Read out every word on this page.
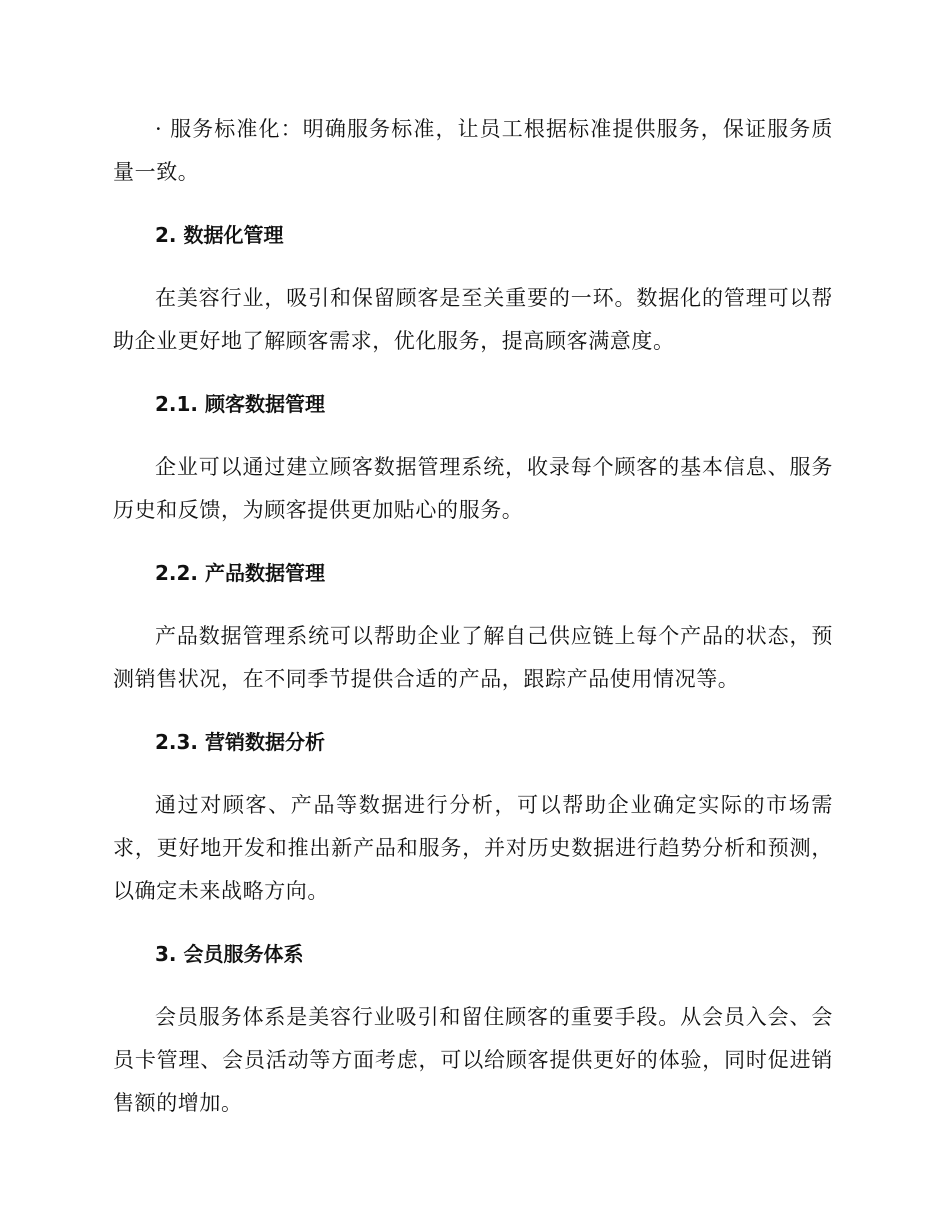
· 服务标准化：明确服务标准，让员工根据标准提供服务，保证服务质量一致。

2. 数据化管理

在美容行业，吸引和保留顾客是至关重要的一环。数据化的管理可以帮助企业更好地了解顾客需求，优化服务，提高顾客满意度。

2.1. 顾客数据管理

企业可以通过建立顾客数据管理系统，收录每个顾客的基本信息、服务历史和反馈，为顾客提供更加贴心的服务。

2.2. 产品数据管理

产品数据管理系统可以帮助企业了解自己供应链上每个产品的状态，预测销售状况，在不同季节提供合适的产品，跟踪产品使用情况等。

2.3. 营销数据分析

通过对顾客、产品等数据进行分析，可以帮助企业确定实际的市场需求，更好地开发和推出新产品和服务，并对历史数据进行趋势分析和预测，以确定未来战略方向。

3. 会员服务体系

会员服务体系是美容行业吸引和留住顾客的重要手段。从会员入会、会员卡管理、会员活动等方面考虑，可以给顾客提供更好的体验，同时促进销售额的增加。
